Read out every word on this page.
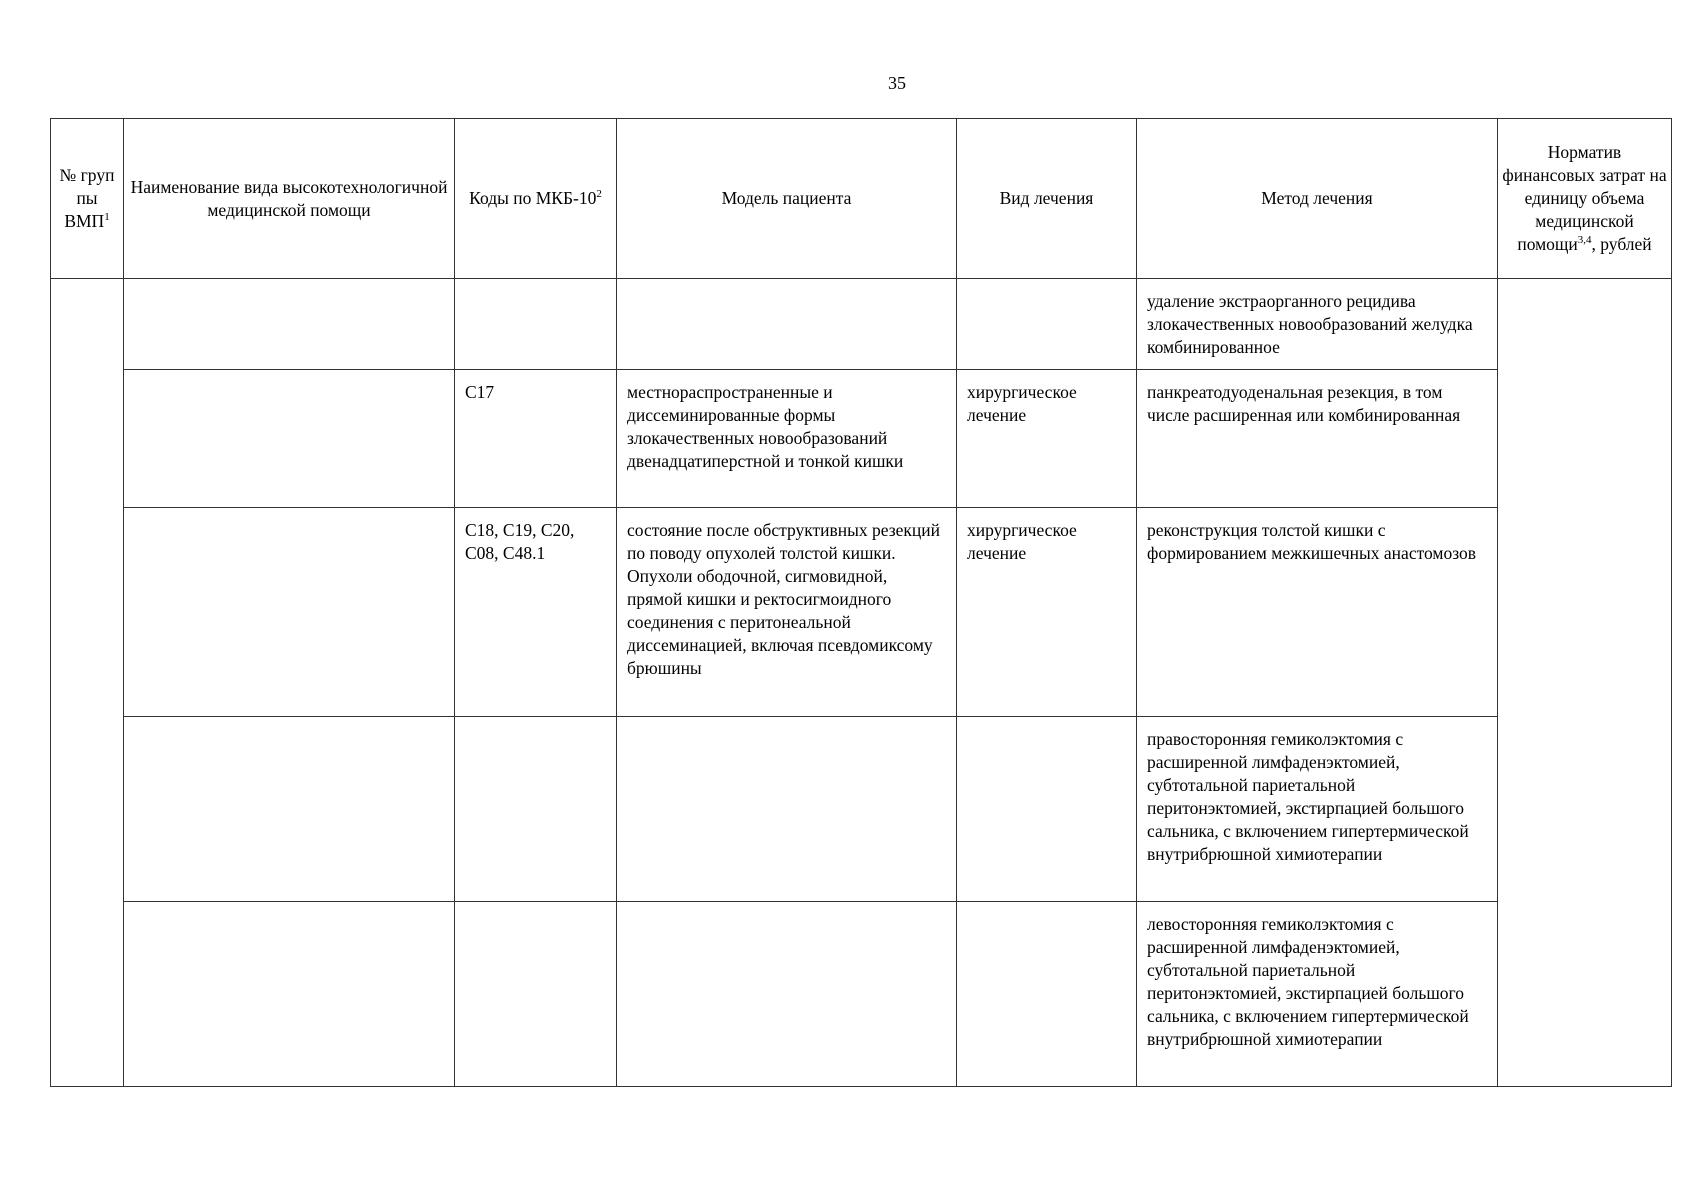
35
№ груп пы ВМП$^1$	Наименование вида высокотехнологичной медицинской помощи	Коды по МКБ-$10^2$	Модель пациента	Вид лечения	Метод лечения	Норматив финансовых затрат на единицу объема медицинской помощи$^{3,4}$, рублей
					удаление экстраорганного рецидива злокачественных новообразований желудка комбинированное	
		С17	местнораспространенные и диссеминированные формы злокачественных новообразований двенадцатиперстной и тонкой кишки	хирургическое лечение	панкреатодуоденальная резекция, в том числе расширенная или комбинированная	
		С18, С19, С20, С08, С48.1	состояние после обструктивных резекций по поводу опухолей толстой кишки. Опухоли ободочной, сигмовидной, прямой кишки и ректосигмоидного соединения с перитонеальной диссеминацией, включая псевдомиксому брюшины	хирургическое лечение	реконструкция толстой кишки с формированием межкишечных анастомозов	
					правосторонняя гемиколэктомия с расширенной лимфаденэктомией, субтотальной париетальной перитонэктомией, экстирпацией большого сальника, с включением гипертермической внутрибрюшной химиотерапии	
					левосторонняя гемиколэктомия с расширенной лимфаденэктомией, субтотальной париетальной перитонэктомией, экстирпацией большого сальника, с включением гипертермической внутрибрюшной химиотерапии	
